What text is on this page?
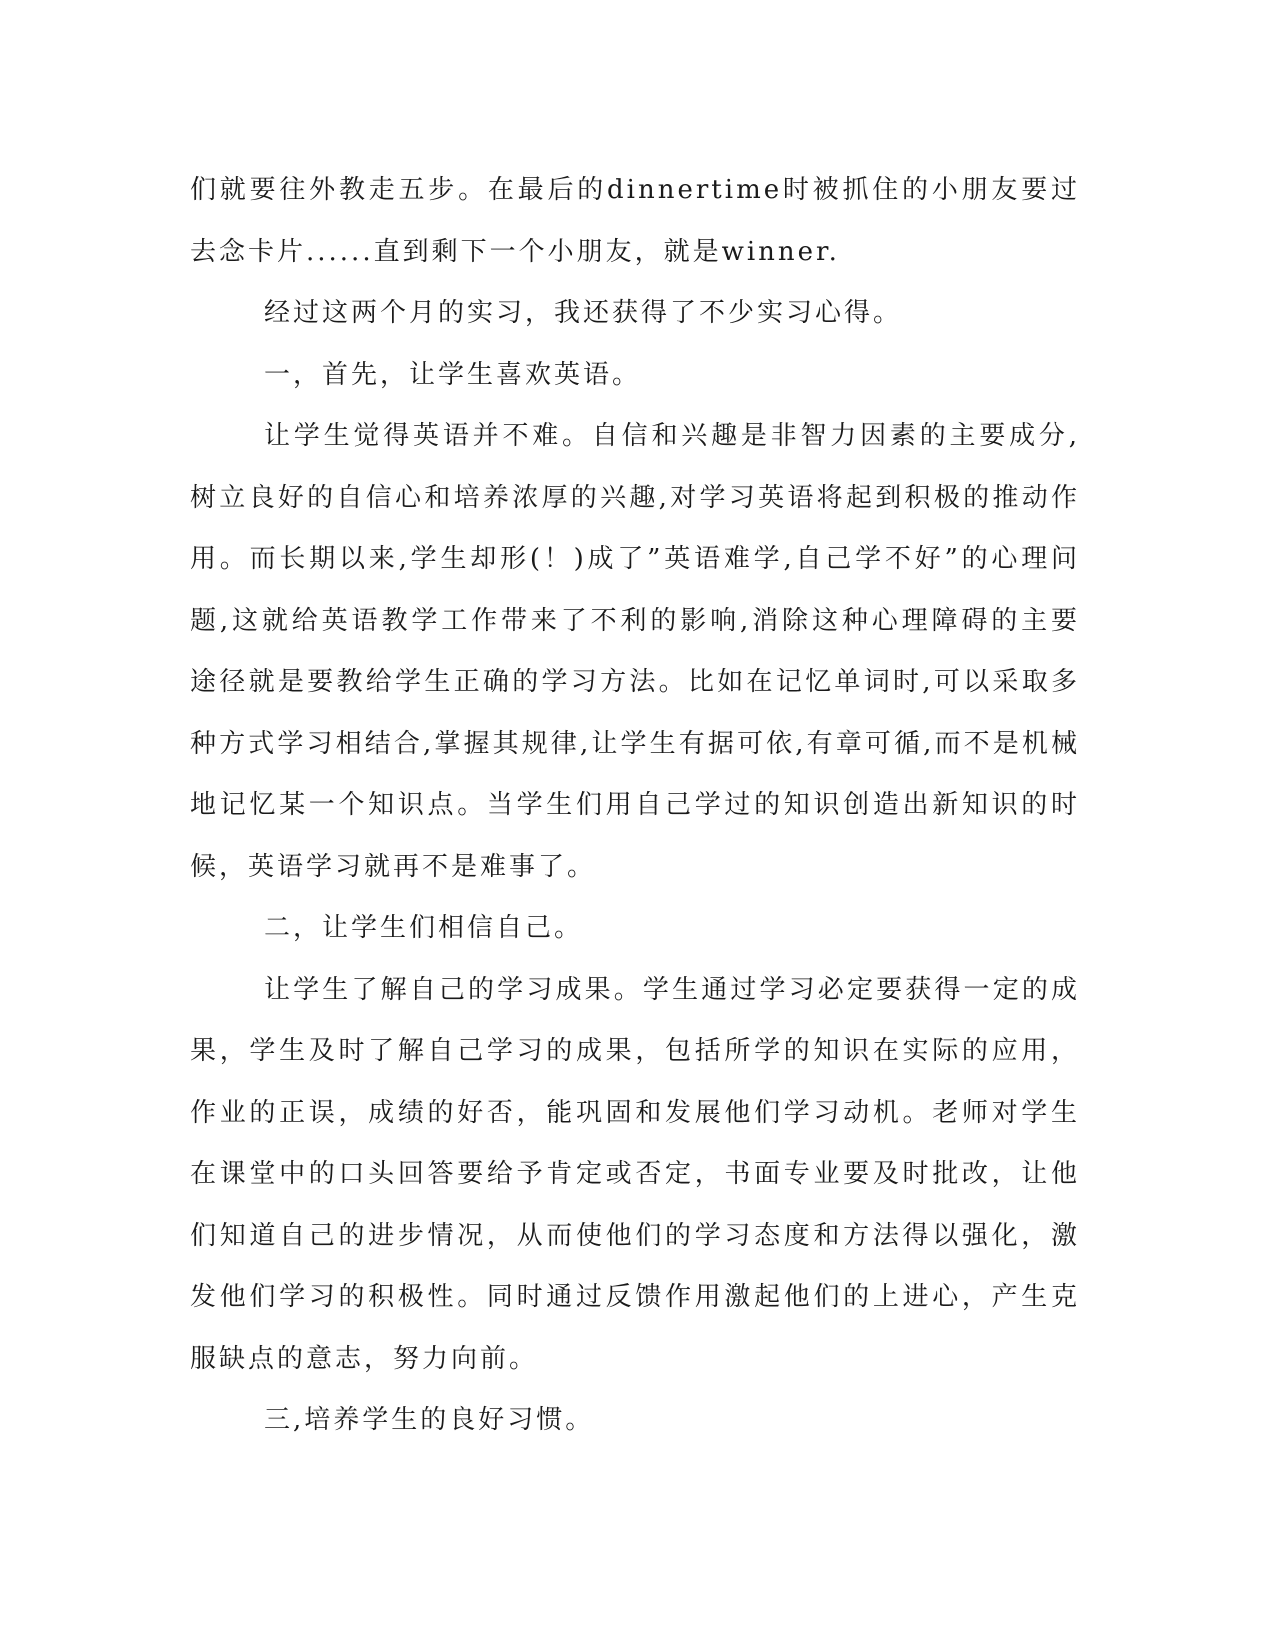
们就要往外教走五步。在最后的dinnertime时被抓住的小朋友要过去念卡片......直到剩下一个小朋友，就是winner.

经过这两个月的实习，我还获得了不少实习心得。

一，首先，让学生喜欢英语。

让学生觉得英语并不难。自信和兴趣是非智力因素的主要成分,树立良好的自信心和培养浓厚的兴趣,对学习英语将起到积极的推动作用。而长期以来,学生却形(！)成了”英语难学,自己学不好”的心理问题,这就给英语教学工作带来了不利的影响,消除这种心理障碍的主要途径就是要教给学生正确的学习方法。比如在记忆单词时,可以采取多种方式学习相结合,掌握其规律,让学生有据可依,有章可循,而不是机械地记忆某一个知识点。当学生们用自己学过的知识创造出新知识的时候，英语学习就再不是难事了。

二，让学生们相信自己。

让学生了解自己的学习成果。学生通过学习必定要获得一定的成果，学生及时了解自己学习的成果，包括所学的知识在实际的应用，作业的正误，成绩的好否，能巩固和发展他们学习动机。老师对学生在课堂中的口头回答要给予肯定或否定，书面专业要及时批改，让他们知道自己的进步情况，从而使他们的学习态度和方法得以强化，激发他们学习的积极性。同时通过反馈作用激起他们的上进心，产生克服缺点的意志，努力向前。

三,培养学生的良好习惯。
